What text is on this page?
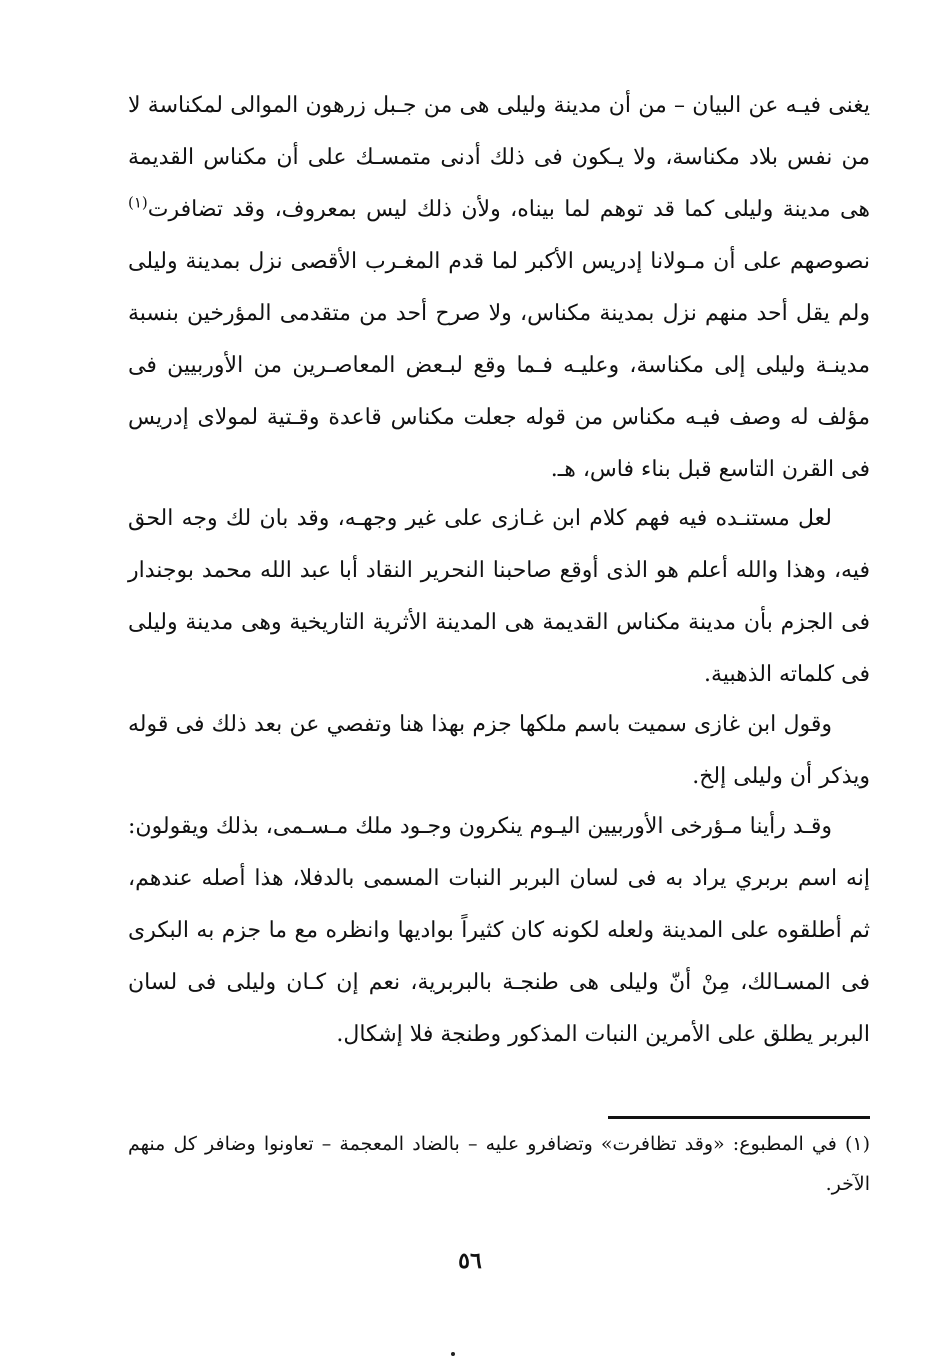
يغنى فيـه عن البيان – من أن مدينة وليلى هى من جـبل زرهون الموالى لمكناسة لا من نفس بلاد مكناسة، ولا يـكون فى ذلك أدنى متمسـك على أن مكناس القديمة هى مدينة وليلى كما قد توهم لما بيناه، ولأن ذلك ليس بمعروف، وقد تضافرت$^{(١)}$ نصوصهم على أن مـولانا إدريس الأكبر لما قدم المغـرب الأقصى نزل بمدينة وليلى ولم يقل أحد منهم نزل بمدينة مكناس، ولا صرح أحد من متقدمى المؤرخين بنسبة مدينـة وليلى إلى مكناسة، وعليـه فـما وقع لبـعض المعاصـرين من الأوربيين فى مؤلف له وصف فيـه مكناس من قوله جعلت مكناس قاعدة وقـتية لمولاى إدريس فى القرن التاسع قبل بناء فاس، هـ.

لعل مستنـده فيه فهم كلام ابن غـازى على غير وجهـه، وقد بان لك وجه الحق فيه، وهذا والله أعلم هو الذى أوقع صاحبنا النحرير النقاد أبا عبد الله محمد بوجندار فى الجزم بأن مدينة مكناس القديمة هى المدينة الأثرية التاريخية وهى مدينة وليلى فى كلماته الذهبية.

وقول ابن غازى سميت باسم ملكها جزم بهذا هنا وتفصي عن بعد ذلك فى قوله ويذكر أن وليلى إلخ.

وقـد رأينا مـؤرخى الأوربيين اليـوم ينكرون وجـود ملك مـسـمى، بذلك ويقولون: إنه اسم بربري يراد به فى لسان البربر النبات المسمى بالدفلا، هذا أصله عندهم، ثم أطلقوه على المدينة ولعله لكونه كان كثيراً بواديها وانظره مع ما جزم به البكرى فى المسـالك، مِنْ أنّ وليلى هى طنجـة بالبربرية، نعم إن كـان وليلى فى لسان البربر يطلق على الأمرين النبات المذكور وطنجة فلا إشكال.

(١) في المطبوع: «وقد تظافرت» وتضافرو عليه – بالضاد المعجمة – تعاونوا وضافر كل منهم الآخر.

٥٦
